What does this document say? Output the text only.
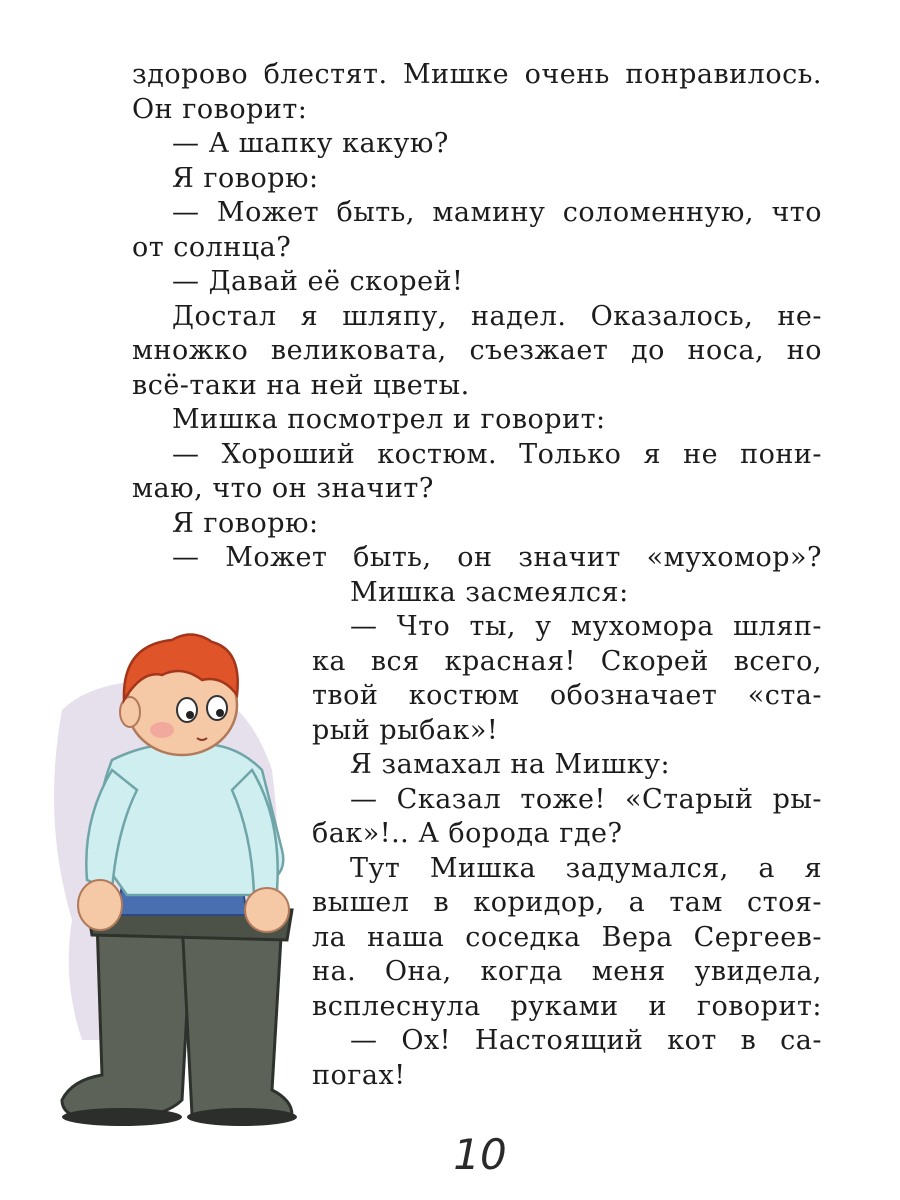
здорово блестят. Мишке очень понравилось.
Он говорит:
— А шапку какую?
Я говорю:
— Может быть, мамину соломенную, что
от солнца?
— Давай её скорей!
Достал я шляпу, надел. Оказалось, не-
множко великовата, съезжает до носа, но
всё-таки на ней цветы.
Мишка посмотрел и говорит:
— Хороший костюм. Только я не пони-
маю, что он значит?
Я говорю:
— Может быть, он значит «мухомор»?
Мишка засмеялся:
— Что ты, у мухомора шляп-
ка вся красная! Скорей всего,
твой костюм обозначает «ста-
рый рыбак»!
Я замахал на Мишку:
— Сказал тоже! «Старый ры-
бак»!.. А борода где?
Тут Мишка задумался, а я
вышел в коридор, а там стоя-
ла наша соседка Вера Сергеев-
на. Она, когда меня увидела,
всплеснула руками и говорит:
— Ох! Настоящий кот в са-
погах!
10
